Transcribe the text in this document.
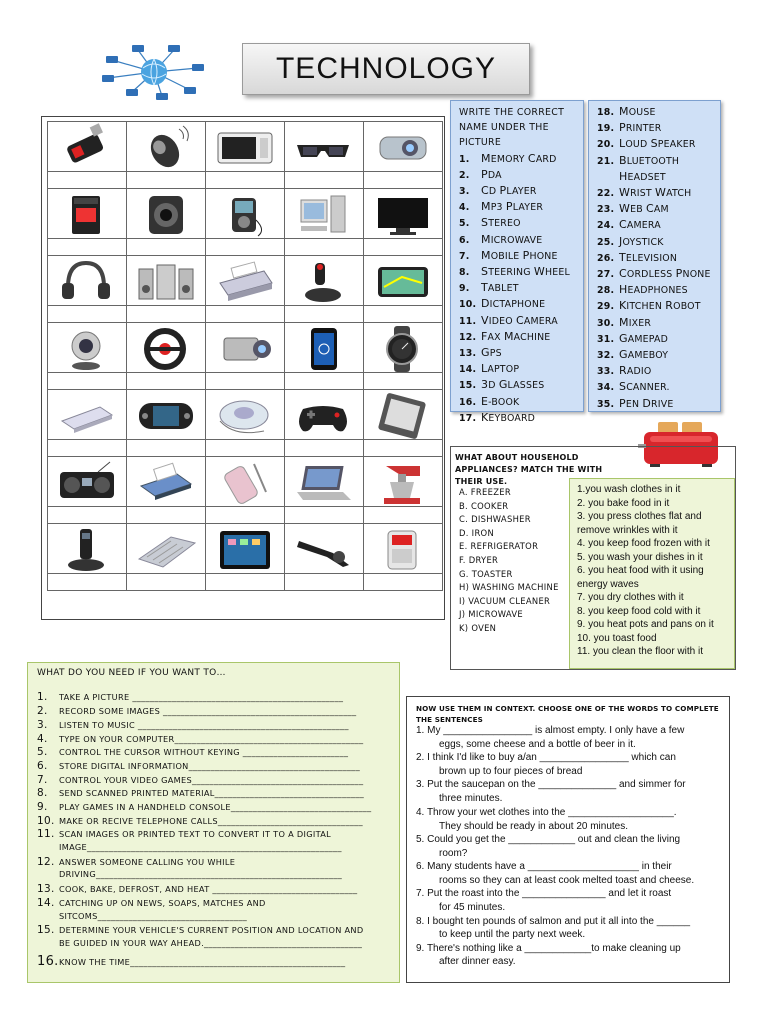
TECHNOLOGY

WRITE THE CORRECT
NAME UNDER THE
PICTURE
1. MEMORY CARD
2. PDA
3. CD PLAYER
4. MP3 PLAYER
5. STEREO
6. MICROWAVE
7. MOBILE PHONE
8. STEERING WHEEL
9. TABLET
10. DICTAPHONE
11. VIDEO CAMERA
12. FAX MACHINE
13. GPS
14. LAPTOP
15. 3D GLASSES
16. E-BOOK
17. KEYBOARD
18. MOUSE
19. PRINTER
20. LOUD SPEAKER
21. BLUETOOTH
HEADSET
22. WRIST WATCH
23. WEB CAM
24. CAMERA
25. JOYSTICK
26. TELEVISION
27. CORDLESS PNONE
28. HEADPHONES
29. KITCHEN ROBOT
30. MIXER
31. GAMEPAD
32. GAMEBOY
33. RADIO
34. SCANNER.
35. PEN DRIVE
WHAT ABOUT HOUSEHOLD
APPLIANCES? MATCH THE WITH
THEIR USE.
A. FREEZER
B. COOKER
C. DISHWASHER
D. IRON
E. REFRIGERATOR
F. DRYER
G. TOASTER
H) WASHING MACHINE
I) VACUUM CLEANER
J) MICROWAVE
K) OVEN
1.you wash clothes in it
2. you bake food in it
3. you press clothes flat and
remove wrinkles with it
4. you keep food frozen with it
5. you wash your dishes in it
6. you heat food with it using
energy waves
7. you dry clothes with it
8. you keep food cold with it
9. you heat pots and pans on it
10. you toast food
11. you clean the floor with it
WHAT DO YOU NEED IF YOU WANT TO…
1. TAKE A PICTURE ________________________________________________
2. RECORD SOME IMAGES ____________________________________________
3. LISTEN TO MUSIC ________________________________________________
4. TYPE ON YOUR COMPUTER___________________________________________
5. CONTROL THE CURSOR WITHOUT KEYING ________________________
6. STORE DIGITAL INFORMATION_______________________________________
7. CONTROL YOUR VIDEO GAMES_______________________________________
8. SEND SCANNED PRINTED MATERIAL__________________________________
9. PLAY GAMES IN A HANDHELD CONSOLE________________________________
10. MAKE OR RECIVE TELEPHONE CALLS_________________________________
11. SCAN IMAGES OR PRINTED TEXT TO CONVERT IT TO A DIGITAL
IMAGE__________________________________________________________
12. ANSWER SOMEONE CALLING YOU WHILE
DRIVING________________________________________________________
13. COOK, BAKE, DEFROST, AND HEAT _________________________________
14. CATCHING UP ON NEWS, SOAPS, MATCHES AND
SITCOMS__________________________________
15. DETERMINE YOUR VEHICLE'S CURRENT POSITION AND LOCATION AND
BE GUIDED IN YOUR WAY AHEAD.____________________________________
16.KNOW THE TIME_________________________________________________
NOW USE THEM IN CONTEXT. CHOOSE ONE OF THE WORDS TO COMPLETE
THE SENTENCES
1. My ________________ is almost empty. I only have a few
eggs, some cheese and a bottle of beer in it.
2. I think I'd like to buy a/an ________________ which can
brown up to four pieces of bread
3. Put the saucepan on the ______________ and simmer for
three minutes.
4. Throw your wet clothes into the ___________________.
They should be ready in about 20 minutes.
5. Could you get the ____________ out and clean the living
room?
6. Many students have a ____________________ in their
rooms so they can at least cook melted toast and cheese.
7. Put the roast into the _______________ and let it roast
for 45 minutes.
8. I bought ten pounds of salmon and put it all into the ______
to keep until the party next week.
9. There's nothing like a ____________to make cleaning up
after dinner easy.
